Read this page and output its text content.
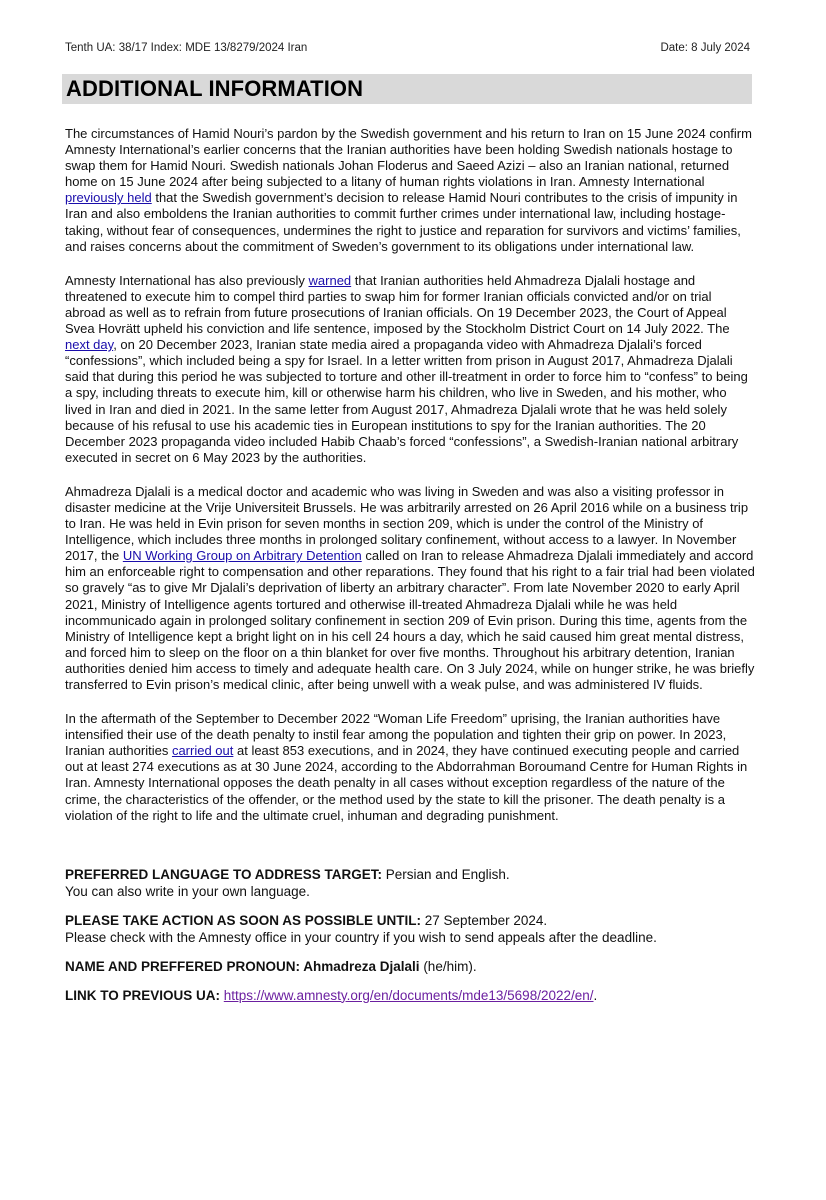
Tenth UA: 38/17 Index: MDE 13/8279/2024 Iran	Date: 8 July 2024
ADDITIONAL INFORMATION

The circumstances of Hamid Nouri’s pardon by the Swedish government and his return to Iran on 15 June 2024 confirm Amnesty International’s earlier concerns that the Iranian authorities have been holding Swedish nationals hostage to swap them for Hamid Nouri. Swedish nationals Johan Floderus and Saeed Azizi – also an Iranian national, returned home on 15 June 2024 after being subjected to a litany of human rights violations in Iran. Amnesty International previously held that the Swedish government’s decision to release Hamid Nouri contributes to the crisis of impunity in Iran and also emboldens the Iranian authorities to commit further crimes under international law, including hostage-taking, without fear of consequences, undermines the right to justice and reparation for survivors and victims’ families, and raises concerns about the commitment of Sweden’s government to its obligations under international law.

Amnesty International has also previously warned that Iranian authorities held Ahmadreza Djalali hostage and threatened to execute him to compel third parties to swap him for former Iranian officials convicted and/or on trial abroad as well as to refrain from future prosecutions of Iranian officials. On 19 December 2023, the Court of Appeal Svea Hovrätt upheld his conviction and life sentence, imposed by the Stockholm District Court on 14 July 2022. The next day, on 20 December 2023, Iranian state media aired a propaganda video with Ahmadreza Djalali’s forced “confessions”, which included being a spy for Israel. In a letter written from prison in August 2017, Ahmadreza Djalali said that during this period he was subjected to torture and other ill-treatment in order to force him to “confess” to being a spy, including threats to execute him, kill or otherwise harm his children, who live in Sweden, and his mother, who lived in Iran and died in 2021. In the same letter from August 2017, Ahmadreza Djalali wrote that he was held solely because of his refusal to use his academic ties in European institutions to spy for the Iranian authorities. The 20 December 2023 propaganda video included Habib Chaab’s forced “confessions”, a Swedish-Iranian national arbitrary executed in secret on 6 May 2023 by the authorities.

Ahmadreza Djalali is a medical doctor and academic who was living in Sweden and was also a visiting professor in disaster medicine at the Vrije Universiteit Brussels. He was arbitrarily arrested on 26 April 2016 while on a business trip to Iran. He was held in Evin prison for seven months in section 209, which is under the control of the Ministry of Intelligence, which includes three months in prolonged solitary confinement, without access to a lawyer. In November 2017, the UN Working Group on Arbitrary Detention called on Iran to release Ahmadreza Djalali immediately and accord him an enforceable right to compensation and other reparations. They found that his right to a fair trial had been violated so gravely “as to give Mr Djalali’s deprivation of liberty an arbitrary character”. From late November 2020 to early April 2021, Ministry of Intelligence agents tortured and otherwise ill-treated Ahmadreza Djalali while he was held incommunicado again in prolonged solitary confinement in section 209 of Evin prison. During this time, agents from the Ministry of Intelligence kept a bright light on in his cell 24 hours a day, which he said caused him great mental distress, and forced him to sleep on the floor on a thin blanket for over five months. Throughout his arbitrary detention, Iranian authorities denied him access to timely and adequate health care. On 3 July 2024, while on hunger strike, he was briefly transferred to Evin prison’s medical clinic, after being unwell with a weak pulse, and was administered IV fluids.

In the aftermath of the September to December 2022 “Woman Life Freedom” uprising, the Iranian authorities have intensified their use of the death penalty to instil fear among the population and tighten their grip on power. In 2023, Iranian authorities carried out at least 853 executions, and in 2024, they have continued executing people and carried out at least 274 executions as at 30 June 2024, according to the Abdorrahman Boroumand Centre for Human Rights in Iran. Amnesty International opposes the death penalty in all cases without exception regardless of the nature of the crime, the characteristics of the offender, or the method used by the state to kill the prisoner. The death penalty is a violation of the right to life and the ultimate cruel, inhuman and degrading punishment.

PREFERRED LANGUAGE TO ADDRESS TARGET: Persian and English.
You can also write in your own language.

PLEASE TAKE ACTION AS SOON AS POSSIBLE UNTIL: 27 September 2024.
Please check with the Amnesty office in your country if you wish to send appeals after the deadline.

NAME AND PREFFERED PRONOUN: Ahmadreza Djalali (he/him).

LINK TO PREVIOUS UA: https://www.amnesty.org/en/documents/mde13/5698/2022/en/.
